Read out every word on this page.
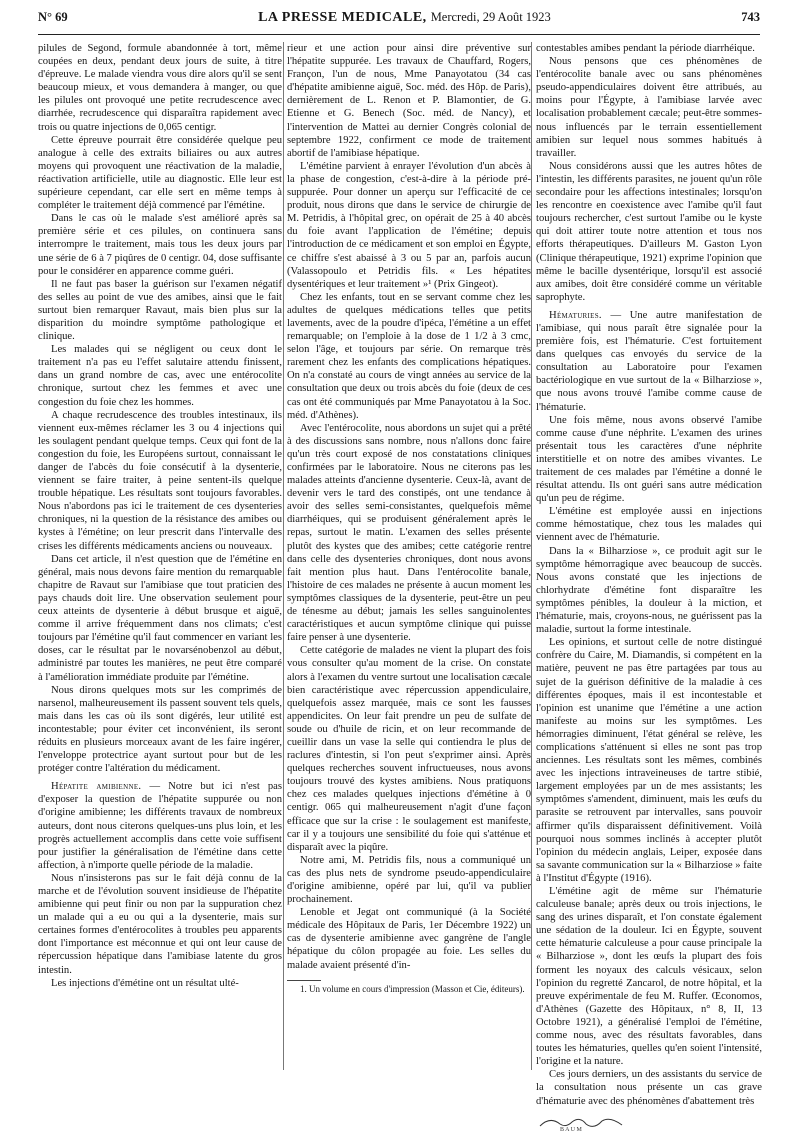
N° 69	LA PRESSE MEDICALE, Mercredi, 29 Août 1923	743

pilules de Segond, formule abandonnée à tort, même coupées en deux, pendant deux jours de suite, à titre d'épreuve. Le malade viendra vous dire alors qu'il se sent beaucoup mieux, et vous demandera à manger, ou que les pilules ont provoqué une petite recrudescence avec diarrhée, recrudescence qui disparaîtra rapidement avec trois ou quatre injections de 0,065 centigr.

Cette épreuve pourrait être considérée quelque peu analogue à celle des extraits biliaires ou aux autres moyens qui provoquent une réactivation de la maladie, réactivation artificielle, utile au diagnostic. Elle leur est supérieure cependant, car elle sert en même temps à compléter le traitement déjà commencé par l'émétine.

Dans le cas où le malade s'est amélioré après sa première série et ces pilules, on continuera sans interrompre le traitement, mais tous les deux jours par une série de 6 à 7 piqûres de 0 centigr. 04, dose suffisante pour le considérer en apparence comme guéri.

Il ne faut pas baser la guérison sur l'examen négatif des selles au point de vue des amibes, ainsi que le fait surtout bien remarquer Ravaut, mais bien plus sur la disparition du moindre symptôme pathologique et clinique.

Les malades qui se négligent ou ceux dont le traitement n'a pas eu l'effet salutaire attendu finissent, dans un grand nombre de cas, avec une entérocolite chronique, surtout chez les femmes et avec une congestion du foie chez les hommes.

A chaque recrudescence des troubles intestinaux, ils viennent eux-mêmes réclamer les 3 ou 4 injections qui les soulagent pendant quelque temps. Ceux qui font de la congestion du foie, les Européens surtout, connaissant le danger de l'abcès du foie consécutif à la dysenterie, viennent se faire traiter, à peine sentent-ils quelque trouble hépatique. Les résultats sont toujours favorables. Nous n'abordons pas ici le traitement de ces dysenteries chroniques, ni la question de la résistance des amibes ou kystes à l'émétine; on leur prescrit dans l'intervalle des crises les différents médicaments anciens ou nouveaux.

Dans cet article, il n'est question que de l'émétine en général, mais nous devons faire mention du remarquable chapitre de Ravaut sur l'amibiase que tout praticien des pays chauds doit lire. Une observation seulement pour ceux atteints de dysenterie à début brusque et aiguë, comme il arrive fréquemment dans nos climats; c'est toujours par l'émétine qu'il faut commencer en variant les doses, car le résultat par le novarsénobenzol au début, administré par toutes les manières, ne peut être comparé à l'amélioration immédiate produite par l'émétine.

Nous dirons quelques mots sur les comprimés de narsenol, malheureusement ils passent souvent tels quels, mais dans les cas où ils sont digérés, leur utilité est incontestable; pour éviter cet inconvénient, ils seront réduits en plusieurs morceaux avant de les faire ingérer, l'enveloppe protectrice ayant surtout pour but de les protéger contre l'altération du médicament.

Hépatite amibienne. — Notre but ici n'est pas d'exposer la question de l'hépatite suppurée ou non d'origine amibienne; les différents travaux de nombreux auteurs, dont nous citerons quelques-uns plus loin, et les progrès actuellement accomplis dans cette voie suffisent pour justifier la généralisation de l'émétine dans cette affection, à n'importe quelle période de la maladie.

Nous n'insisterons pas sur le fait déjà connu de la marche et de l'évolution souvent insidieuse de l'hépatite amibienne qui peut finir ou non par la suppuration chez un malade qui a eu ou qui a la dysenterie, mais sur certaines formes d'entérocolites à troubles peu apparents dont l'importance est méconnue et qui ont leur cause de répercussion hépatique dans l'amibiase latente du gros intestin.

Les injections d'émétine ont un résultat ulté-

rieur et une action pour ainsi dire préventive sur l'hépatite suppurée. Les travaux de Chauffard, Rogers, Françon, l'un de nous, Mme Panayotatou (34 cas d'hépatite amibienne aiguë, Soc. méd. des Hôp. de Paris), dernièrement de L. Renon et P. Blamontier, de G. Etienne et G. Benech (Soc. méd. de Nancy), et l'intervention de Mattei au dernier Congrès colonial de septembre 1922, confirment ce mode de traitement abortif de l'amibiase hépatique.

L'émétine parvient à enrayer l'évolution d'un abcès à la phase de congestion, c'est-à-dire à la période pré-suppurée. Pour donner un aperçu sur l'efficacité de ce produit, nous dirons que dans le service de chirurgie de M. Petridis, à l'hôpital grec, on opérait de 25 à 40 abcès du foie avant l'application de l'émétine; depuis l'introduction de ce médicament et son emploi en Égypte, ce chiffre s'est abaissé à 3 ou 5 par an, parfois aucun (Valassopoulo et Petridis fils. « Les hépatites dysentériques et leur traitement »¹ (Prix Gingeot).

Chez les enfants, tout en se servant comme chez les adultes de quelques médications telles que petits lavements, avec de la poudre d'ipéca, l'émétine a un effet remarquable; on l'emploie à la dose de 1 1/2 à 3 cmc, selon l'âge, et toujours par série. On remarque très rarement chez les enfants des complications hépatiques. On n'a constaté au cours de vingt années au service de la consultation que deux ou trois abcès du foie (deux de ces cas ont été communiqués par Mme Panayotatou à la Soc. méd. d'Athènes).

Avec l'entérocolite, nous abordons un sujet qui a prêté à des discussions sans nombre, nous n'allons donc faire qu'un très court exposé de nos constatations cliniques confirmées par le laboratoire. Nous ne citerons pas les malades atteints d'ancienne dysenterie. Ceux-là, avant de devenir vers le tard des constipés, ont une tendance à avoir des selles semi-consistantes, quelquefois même diarrhéiques, qui se produisent généralement après le repas, surtout le matin. L'examen des selles présente plutôt des kystes que des amibes; cette catégorie rentre dans celle des dysenteries chroniques, dont nous avons fait mention plus haut. Dans l'entérocolite banale, l'histoire de ces malades ne présente à aucun moment les symptômes classiques de la dysenterie, peut-être un peu de ténesme au début; jamais les selles sanguinolentes caractéristiques et aucun symptôme clinique qui puisse faire penser à une dysenterie.

Cette catégorie de malades ne vient la plupart des fois vous consulter qu'au moment de la crise. On constate alors à l'examen du ventre surtout une localisation cæcale bien caractéristique avec répercussion appendiculaire, quelquefois assez marquée, mais ce sont les fausses appendicites. On leur fait prendre un peu de sulfate de soude ou d'huile de ricin, et on leur recommande de cueillir dans un vase la selle qui contiendra le plus de raclures d'intestin, si l'on peut s'exprimer ainsi. Après quelques recherches souvent infructueuses, nous avons toujours trouvé des kystes amibiens. Nous pratiquons chez ces malades quelques injections d'émétine à 0 centigr. 065 qui malheureusement n'agit d'une façon efficace que sur la crise : le soulagement est manifeste, car il y a toujours une sensibilité du foie qui s'atténue et disparaît avec la piqûre.

Notre ami, M. Petridis fils, nous a communiqué un cas des plus nets de syndrome pseudo-appendiculaire d'origine amibienne, opéré par lui, qu'il va publier prochainement.

Lenoble et Jegat ont communiqué (à la Société médicale des Hôpitaux de Paris, 1er Décembre 1922) un cas de dysenterie amibienne avec gangrène de l'angle hépatique du côlon propagée au foie. Les selles du malade avaient présenté d'in-

1. Un volume en cours d'impression (Masson et Cie, éditeurs).

contestables amibes pendant la période diarrhéique.

Nous pensons que ces phénomènes de l'entérocolite banale avec ou sans phénomènes pseudo-appendiculaires doivent être attribués, au moins pour l'Égypte, à l'amibiase larvée avec localisation probablement cæcale; peut-être sommes-nous influencés par le terrain essentiellement amibien sur lequel nous sommes habitués à travailler.

Nous considérons aussi que les autres hôtes de l'intestin, les différents parasites, ne jouent qu'un rôle secondaire pour les affections intestinales; lorsqu'on les rencontre en coexistence avec l'amibe qu'il faut toujours rechercher, c'est surtout l'amibe ou le kyste qui doit attirer toute notre attention et tous nos efforts thérapeutiques. D'ailleurs M. Gaston Lyon (Clinique thérapeutique, 1921) exprime l'opinion que même le bacille dysentérique, lorsqu'il est associé aux amibes, doit être considéré comme un véritable saprophyte.

Hématuries. — Une autre manifestation de l'amibiase, qui nous paraît être signalée pour la première fois, est l'hématurie. C'est fortuitement dans quelques cas envoyés du service de la consultation au Laboratoire pour l'examen bactériologique en vue surtout de la « Bilharziose », que nous avons trouvé l'amibe comme cause de l'hématurie.

Une fois même, nous avons observé l'amibe comme cause d'une néphrite. L'examen des urines présentait tous les caractères d'une néphrite interstitielle et on notre des amibes vivantes. Le traitement de ces malades par l'émétine a donné le résultat attendu. Ils ont guéri sans autre médication qu'un peu de régime.

L'émétine est employée aussi en injections comme hémostatique, chez tous les malades qui viennent avec de l'hématurie.

Dans la « Bilharziose », ce produit agit sur le symptôme hémorragique avec beaucoup de succès. Nous avons constaté que les injections de chlorhydrate d'émétine font disparaître les symptômes pénibles, la douleur à la miction, et l'hématurie, mais, croyons-nous, ne guérissent pas la maladie, surtout la forme intestinale.

Les opinions, et surtout celle de notre distingué confrère du Caire, M. Diamandis, si compétent en la matière, peuvent ne pas être partagées par tous au sujet de la guérison définitive de la maladie à ces différentes époques, mais il est incontestable et l'opinion est unanime que l'émétine a une action manifeste au moins sur les symptômes. Les hémorragies diminuent, l'état général se relève, les complications s'atténuent si elles ne sont pas trop anciennes. Les résultats sont les mêmes, combinés avec les injections intraveineuses de tartre stibié, largement employées par un de mes assistants; les symptômes s'amendent, diminuent, mais les œufs du parasite se retrouvent par intervalles, sans pouvoir affirmer qu'ils disparaissent définitivement. Voilà pourquoi nous sommes inclinés à accepter plutôt l'opinion du médecin anglais, Leiper, exposée dans sa savante communication sur la « Bilharziose » faite à l'Institut d'Égypte (1916).

L'émétine agit de même sur l'hématurie calculeuse banale; après deux ou trois injections, le sang des urines disparaît, et l'on constate également une sédation de la douleur. Ici en Égypte, souvent cette hématurie calculeuse a pour cause principale la « Bilharziose », dont les œufs la plupart des fois forment les noyaux des calculs vésicaux, selon l'opinion du regretté Zancarol, de notre hôpital, et la preuve expérimentale de feu M. Ruffer. Œconomos, d'Athènes (Gazette des Hôpitaux, n° 8, II, 13 Octobre 1921), a généralisé l'emploi de l'émétine, comme nous, avec des résultats favorables, dans toutes les hématuries, quelles qu'en soient l'intensité, l'origine et la nature.

Ces jours derniers, un des assistants du service de la consultation nous présente un cas grave d'hématurie avec des phénomènes d'abattement très

B A U M
